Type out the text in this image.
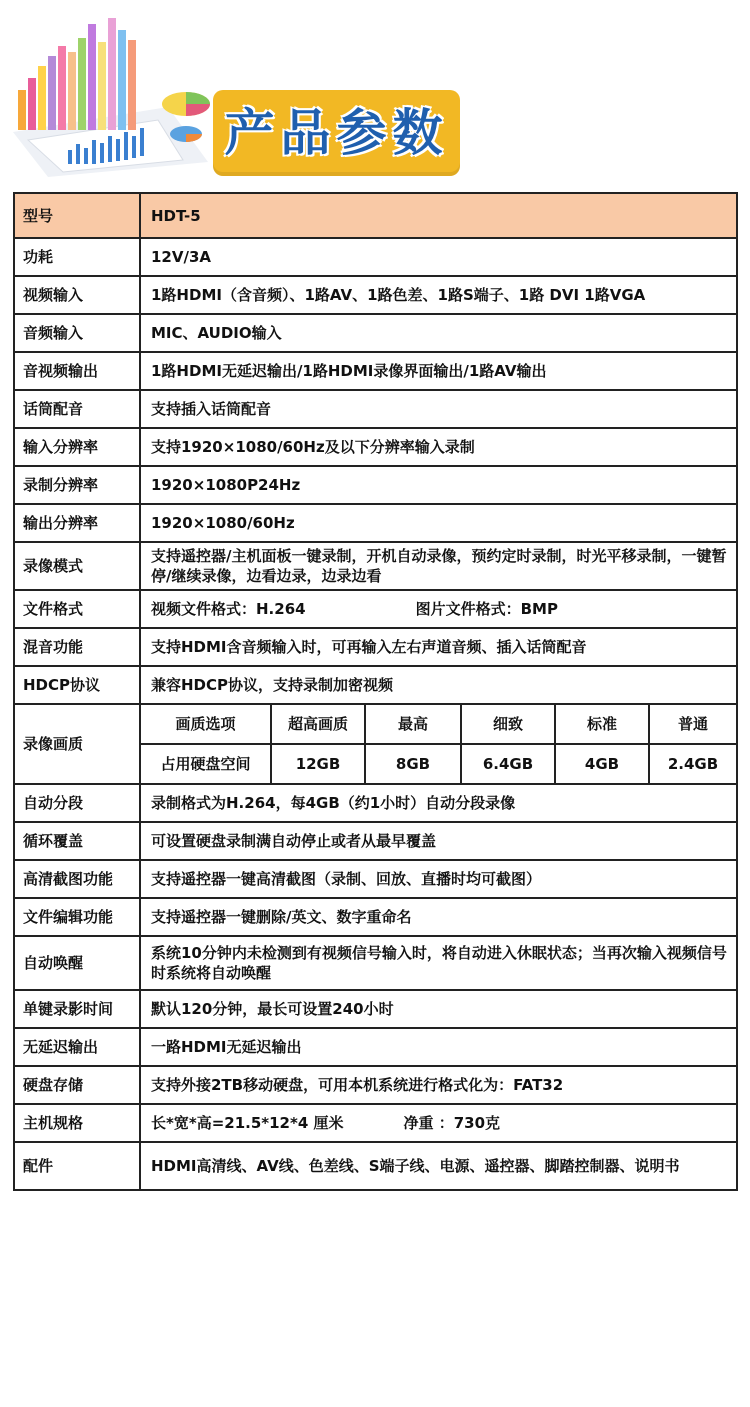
产品参数
型号	HDT-5
功耗	12V/3A
视频输入	1路HDMI（含音频）、1路AV、1路色差、1路S端子、1路 DVI 1路VGA
音频输入	MIC、AUDIO输入
音视频输出	1路HDMI无延迟输出/1路HDMI录像界面输出/1路AV输出
话筒配音	支持插入话筒配音
输入分辨率	支持1920×1080/60Hz及以下分辨率输入录制
录制分辨率	1920×1080P24Hz
输出分辨率	1920×1080/60Hz
录像模式	支持遥控器/主机面板一键录制，开机自动录像，预约定时录制，时光平移录制，一键暂停/继续录像，边看边录，边录边看
文件格式	视频文件格式：H.264	图片文件格式：BMP
混音功能	支持HDMI含音频输入时，可再输入左右声道音频、插入话筒配音
HDCP协议	兼容HDCP协议，支持录制加密视频
录像画质	
画质选项	超高画质	最高	细致	标准	普通
占用硬盘空间	12GB	8GB	6.4GB	4GB	2.4GB

自动分段	录制格式为H.264，每4GB（约1小时）自动分段录像
循环覆盖	可设置硬盘录制满自动停止或者从最早覆盖
高清截图功能	支持遥控器一键高清截图（录制、回放、直播时均可截图）
文件编辑功能	支持遥控器一键删除/英文、数字重命名
自动唤醒	系统10分钟内未检测到有视频信号输入时，将自动进入休眠状态；当再次输入视频信号时系统将自动唤醒
单键录影时间	默认120分钟，最长可设置240小时
无延迟输出	一路HDMI无延迟输出
硬盘存储	支持外接2TB移动硬盘，可用本机系统进行格式化为：FAT32
主机规格	长*宽*高=21.5*12*4 厘米	净重 ：730克
配件	HDMI高清线、AV线、色差线、S端子线、电源、遥控器、脚踏控制器、说明书
